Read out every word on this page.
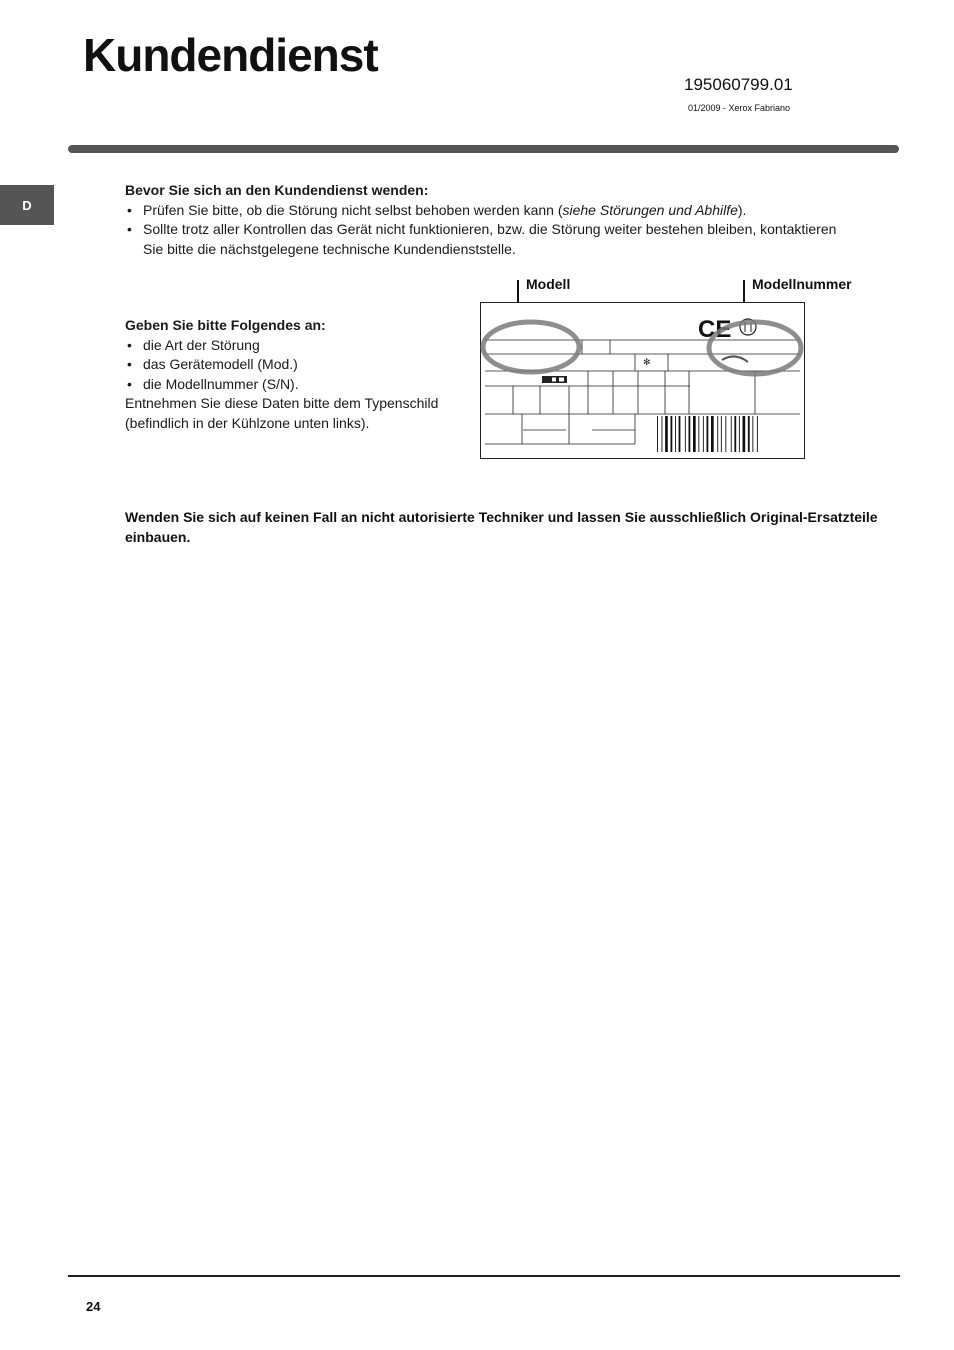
Kundendienst
195060799.01
01/2009 - Xerox Fabriano
D
Bevor Sie sich an den Kundendienst wenden:
• Prüfen Sie bitte, ob die Störung nicht selbst behoben werden kann (siehe Störungen und Abhilfe).
• Sollte trotz aller Kontrollen das Gerät nicht funktionieren, bzw. die Störung weiter bestehen bleiben, kontaktieren Sie bitte die nächstgelegene technische Kundendienststelle.
Geben Sie bitte Folgendes an:
• die Art der Störung
• das Gerätemodell (Mod.)
• die Modellnummer (S/N).
Entnehmen Sie diese Daten bitte dem Typenschild (befindlich in der Kühlzone unten links).
Modell	Modellnummer
✻
CE
Wenden Sie sich auf keinen Fall an nicht autorisierte Techniker und lassen Sie ausschließlich Original-Ersatzteile einbauen.
24
